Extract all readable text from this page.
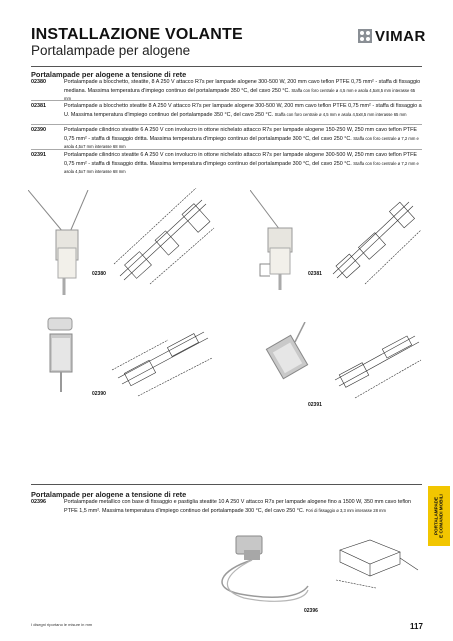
INSTALLAZIONE VOLANTE
Portalampade per alogene
VIMAR
Portalampade per alogene a tensione di rete
02380	Portalampade a blocchetto, steatite, 8 A 250 V attacco R7s per lampade alogene 300-500 W, 200 mm cavo teflon PTFE 0,75 mm² - staffa di fissaggio mediana. Massima temperatura d'impiego continuo del portalampade 350 °C, del cavo 250 °C. Staffa con foro centrale ø 4,5 mm e asola 4,5x8,5 mm interasse 65 mm
02381	Portalampade a blocchetto steatite 8 A 250 V attacco R7s per lampade alogene 300-500 W, 200 mm cavo teflon PTFE 0,75 mm² - staffa di fissaggio a U. Massima temperatura d'impiego continuo del portalampade 350 °C, del cavo 250 °C. Staffa con foro centrale ø 4,5 mm e asola 4,5x8,5 mm interasse 65 mm
02390	Portalampade cilindrico steatite 6 A 250 V con involucro in ottone nichelato attacco R7s per lampade alogene 150-250 W, 250 mm cavo teflon PTFE 0,75 mm² - staffa di fissaggio dritta. Massima temperatura d'impiego continuo del portalampade 300 °C, del cavo 250 °C. Staffa con foro centrale ø 7,2 mm e asola 4,5x7 mm interasse 68 mm
02391	Portalampade cilindrico steatite 6 A 250 V con involucro in ottone nichelato attacco R7s per lampade alogene 300-500 W, 250 mm cavo teflon PTFE 0,75 mm² - staffa di fissaggio dritta. Massima temperatura d'impiego continuo del portalampade 300 °C, del cavo 250 °C. Staffa con foro centrale ø 7,2 mm e asola 4,5x7 mm interasse 68 mm
02380	02381
02390
02391
Portalampade per alogene a tensione di rete
02396	Portalampade metallico con base di fissaggio e pastiglia steatite 10 A 250 V attacco R7s per lampade alogene fino a 1500 W, 350 mm cavo teflon PTFE 1,5 mm². Massima temperatura d'impiego continuo del portalampade 300 °C, del cavo 250 °C. Fori di fissaggio ø 3,3 mm interasse 28 mm
02396
PORTALAMPADE E COMANDI MOBILI
I disegni riportano le misure in mm	117
